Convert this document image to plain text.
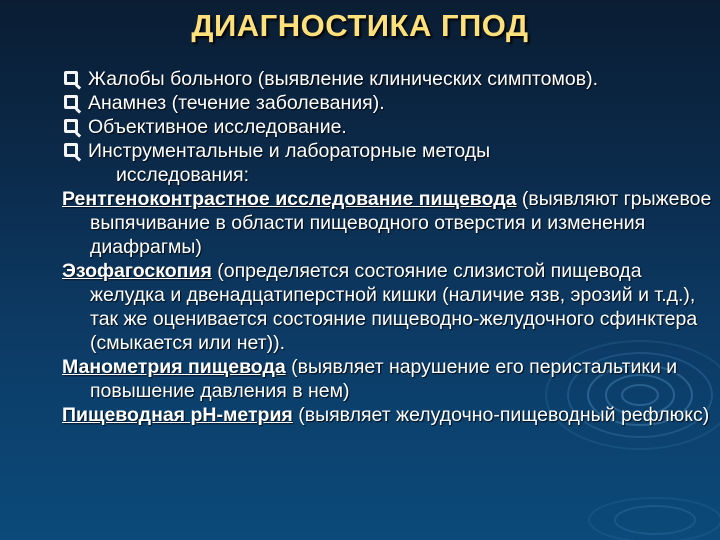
ДИАГНОСТИКА ГПОД
Жалобы больного (выявление клинических симптомов).
Анамнез (течение заболевания).
Объективное исследование.
Инструментальные и лабораторные методы
исследования:
Рентгеноконтрастное исследование пищевода (выявляют грыжевое выпячивание в области пищеводного отверстия и изменения диафрагмы)
Эзофагоскопия (определяется состояние слизистой пищевода желудка и двенадцатиперстной кишки (наличие язв, эрозий и т.д.), так же оценивается состояние пищеводно-желудочного сфинктера (смыкается или нет)).
Манометрия пищевода (выявляет нарушение его перистальтики и повышение давления в нем)
Пищеводная рН-метрия (выявляет желудочно-пищеводный рефлюкс)
